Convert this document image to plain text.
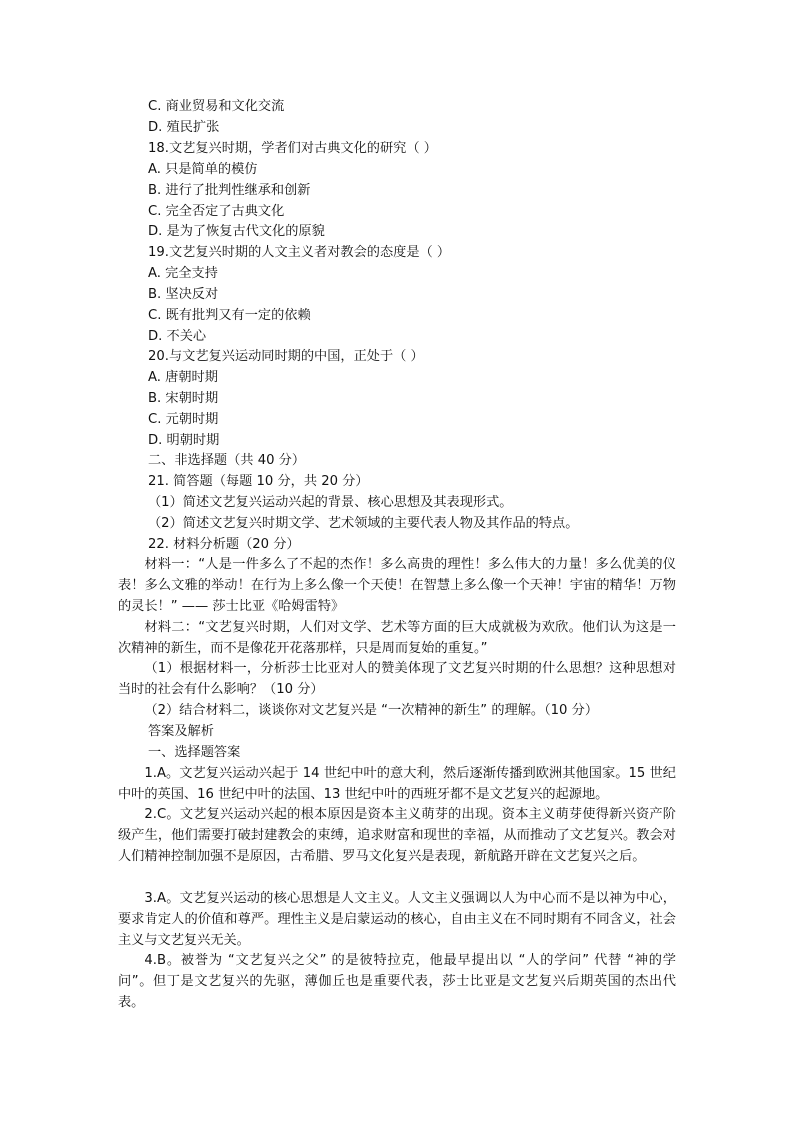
C. 商业贸易和文化交流
D. 殖民扩张
18.文艺复兴时期，学者们对古典文化的研究（ ）
A. 只是简单的模仿
B. 进行了批判性继承和创新
C. 完全否定了古典文化
D. 是为了恢复古代文化的原貌
19.文艺复兴时期的人文主义者对教会的态度是（ ）
A. 完全支持
B. 坚决反对
C. 既有批判又有一定的依赖
D. 不关心
20.与文艺复兴运动同时期的中国，正处于（ ）
A. 唐朝时期
B. 宋朝时期
C. 元朝时期
D. 明朝时期
二、非选择题（共 40 分）
21. 简答题（每题 10 分，共 20 分）
（1）简述文艺复兴运动兴起的背景、核心思想及其表现形式。
（2）简述文艺复兴时期文学、艺术领域的主要代表人物及其作品的特点。
22. 材料分析题（20 分）
材料一：“人是一件多么了不起的杰作！多么高贵的理性！多么伟大的力量！多么优美的仪表！多么文雅的举动！在行为上多么像一个天使！在智慧上多么像一个天神！宇宙的精华！万物的灵长！” —— 莎士比亚《哈姆雷特》
材料二：“文艺复兴时期，人们对文学、艺术等方面的巨大成就极为欢欣。他们认为这是一次精神的新生，而不是像花开花落那样，只是周而复始的重复。”
（1）根据材料一，分析莎士比亚对人的赞美体现了文艺复兴时期的什么思想？这种思想对当时的社会有什么影响？（10 分）
（2）结合材料二，谈谈你对文艺复兴是 “一次精神的新生” 的理解。（10 分）
答案及解析
一、选择题答案
1.A。文艺复兴运动兴起于 14 世纪中叶的意大利，然后逐渐传播到欧洲其他国家。15 世纪中叶的英国、16 世纪中叶的法国、13 世纪中叶的西班牙都不是文艺复兴的起源地。
2.C。文艺复兴运动兴起的根本原因是资本主义萌芽的出现。资本主义萌芽使得新兴资产阶级产生，他们需要打破封建教会的束缚，追求财富和现世的幸福，从而推动了文艺复兴。教会对人们精神控制加强不是原因，古希腊、罗马文化复兴是表现，新航路开辟在文艺复兴之后。
3.A。文艺复兴运动的核心思想是人文主义。人文主义强调以人为中心而不是以神为中心，要求肯定人的价值和尊严。理性主义是启蒙运动的核心，自由主义在不同时期有不同含义，社会主义与文艺复兴无关。
4.B。被誉为 “文艺复兴之父” 的是彼特拉克，他最早提出以 “人的学问” 代替 “神的学问”。但丁是文艺复兴的先驱，薄伽丘也是重要代表，莎士比亚是文艺复兴后期英国的杰出代表。
